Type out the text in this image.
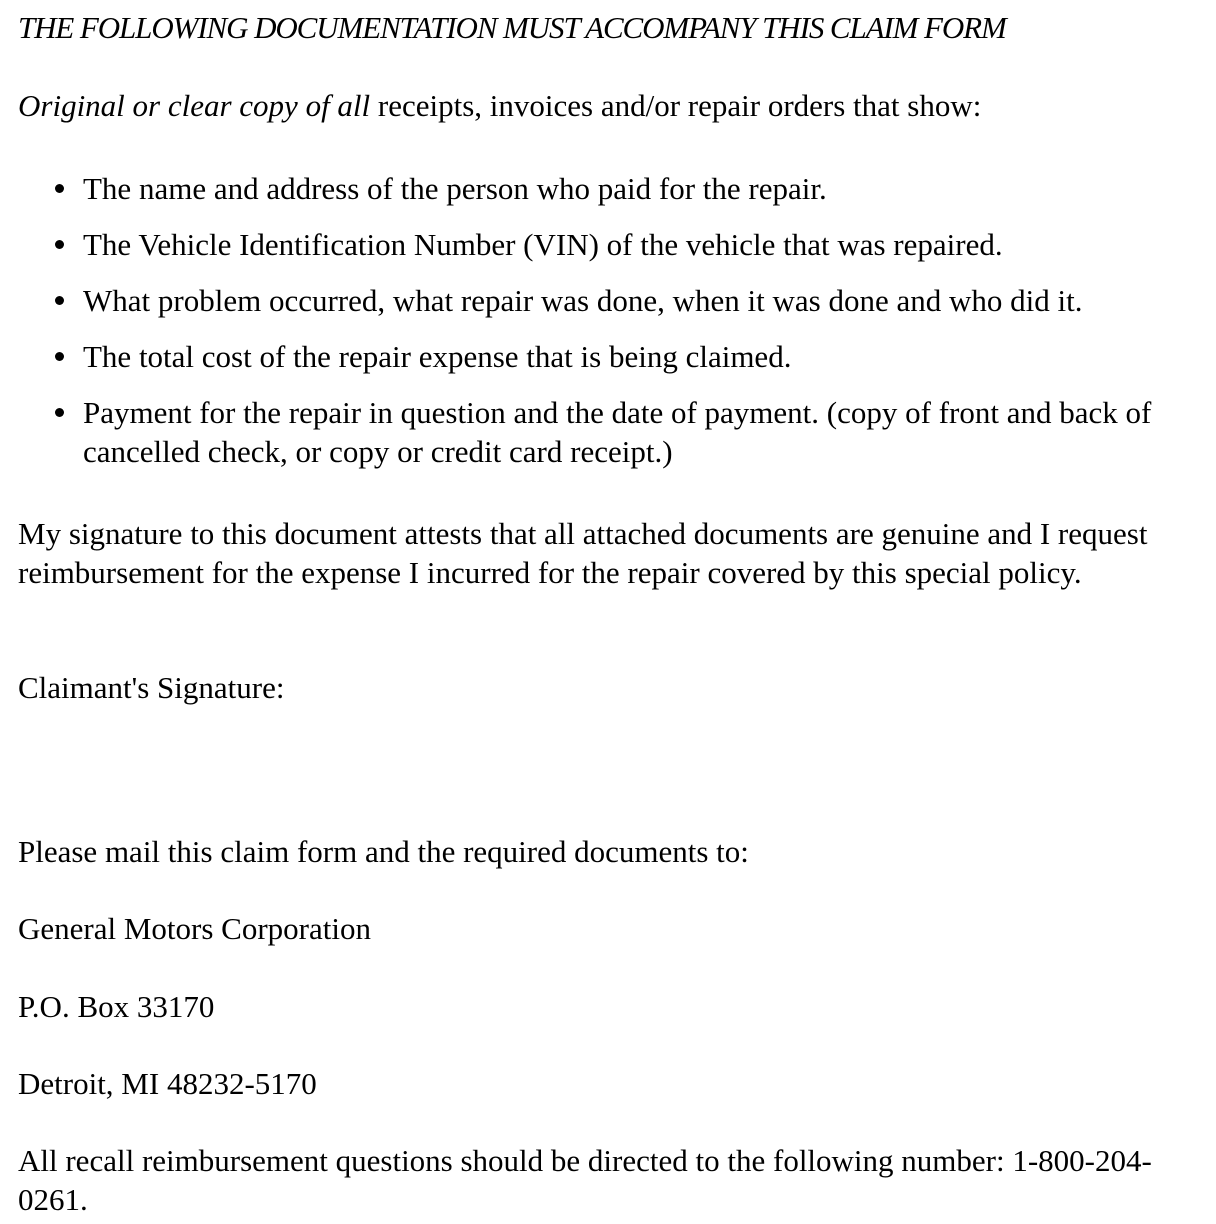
THE FOLLOWING DOCUMENTATION MUST ACCOMPANY THIS CLAIM FORM
Original or clear copy of all receipts, invoices and/or repair orders that show:
The name and address of the person who paid for the repair.
The Vehicle Identification Number (VIN) of the vehicle that was repaired.
What problem occurred, what repair was done, when it was done and who did it.
The total cost of the repair expense that is being claimed.
Payment for the repair in question and the date of payment. (copy of front and back of cancelled check, or copy or credit card receipt.)
My signature to this document attests that all attached documents are genuine and I request reimbursement for the expense I incurred for the repair covered by this special policy.
Claimant's Signature:
Please mail this claim form and the required documents to:
General Motors Corporation
P.O. Box 33170
Detroit, MI 48232-5170
All recall reimbursement questions should be directed to the following number: 1-800-204-0261.
